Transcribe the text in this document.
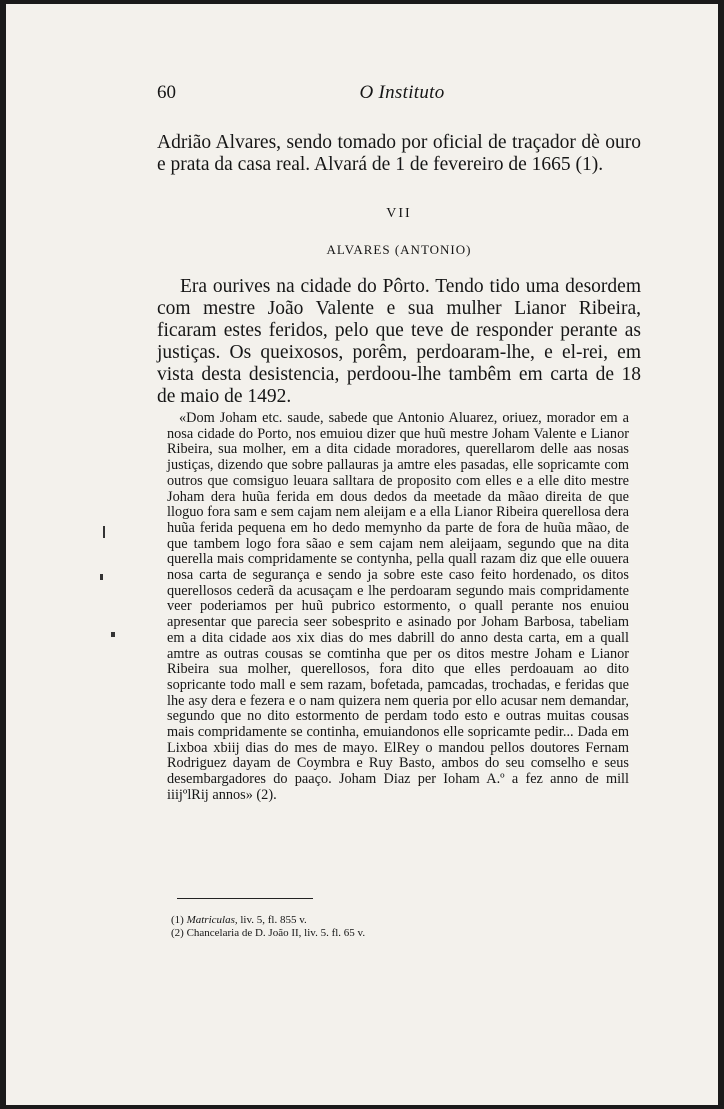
60	O Instituto

Adrião Alvares, sendo tomado por oficial de traçador dè ouro e prata da casa real. Alvará de 1 de fevereiro de 1665 (1).

VII
ALVARES (ANTONIO)

Era ourives na cidade do Pôrto. Tendo tido uma desordem com mestre João Valente e sua mulher Lianor Ribeira, ficaram estes feridos, pelo que teve de responder perante as justiças. Os queixosos, porêm, perdoaram-lhe, e el-rei, em vista desta desistencia, perdoou-lhe tambêm em carta de 18 de maio de 1492.

«Dom Joham etc. saude, sabede que Antonio Aluarez, oriuez, morador em a nosa cidade do Porto, nos emuiou dizer que huũ mestre Joham Valente e Lianor Ribeira, sua molher, em a dita cidade moradores, querellarom delle aas nosas justiças, dizendo que sobre pallauras ja amtre eles pasadas, elle sopricamte com outros que comsiguo leuara salltara de proposito com elles e a elle dito mestre Joham dera huũa ferida em dous dedos da meetade da mãao direita de que lloguo fora sam e sem cajam nem aleijam e a ella Lianor Ribeira querellosa dera huũa ferida pequena em ho dedo memynho da parte de fora de huũa mãao, de que tambem logo fora sãao e sem cajam nem aleijaam, segundo que na dita querella mais compridamente se contynha, pella quall razam diz que elle ouuera nosa carta de segurança e sendo ja sobre este caso feito hordenado, os ditos querellosos cederã da acusaçam e lhe perdoaram segundo mais compridamente veer poderiamos per huũ pubrico estormento, o quall perante nos enuiou apresentar que parecia seer sobesprito e asinado por Joham Barbosa, tabeliam em a dita cidade aos xix dias do mes dabrill do anno desta carta, em a quall amtre as outras cousas se comtinha que per os ditos mestre Joham e Lianor Ribeira sua molher, querellosos, fora dito que elles perdoauam ao dito sopricante todo mall e sem razam, bofetada, pamcadas, trochadas, e feridas que lhe asy dera e fezera e o nam quizera nem queria por ello acusar nem demandar, segundo que no dito estormento de perdam todo esto e outras muitas cousas mais compridamente se continha, emuiandonos elle sopricamte pedir... Dada em Lixboa xbiij dias do mes de mayo. ElRey o mandou pellos doutores Fernam Rodriguez dayam de Coymbra e Ruy Basto, ambos do seu comselho e seus desembargadores do paaço. Joham Diaz per Ioham A.º a fez anno de mill iiijºlRij annos» (2).

(1) Matriculas, liv. 5, fl. 855 v.
(2) Chancelaria de D. João II, liv. 5. fl. 65 v.
